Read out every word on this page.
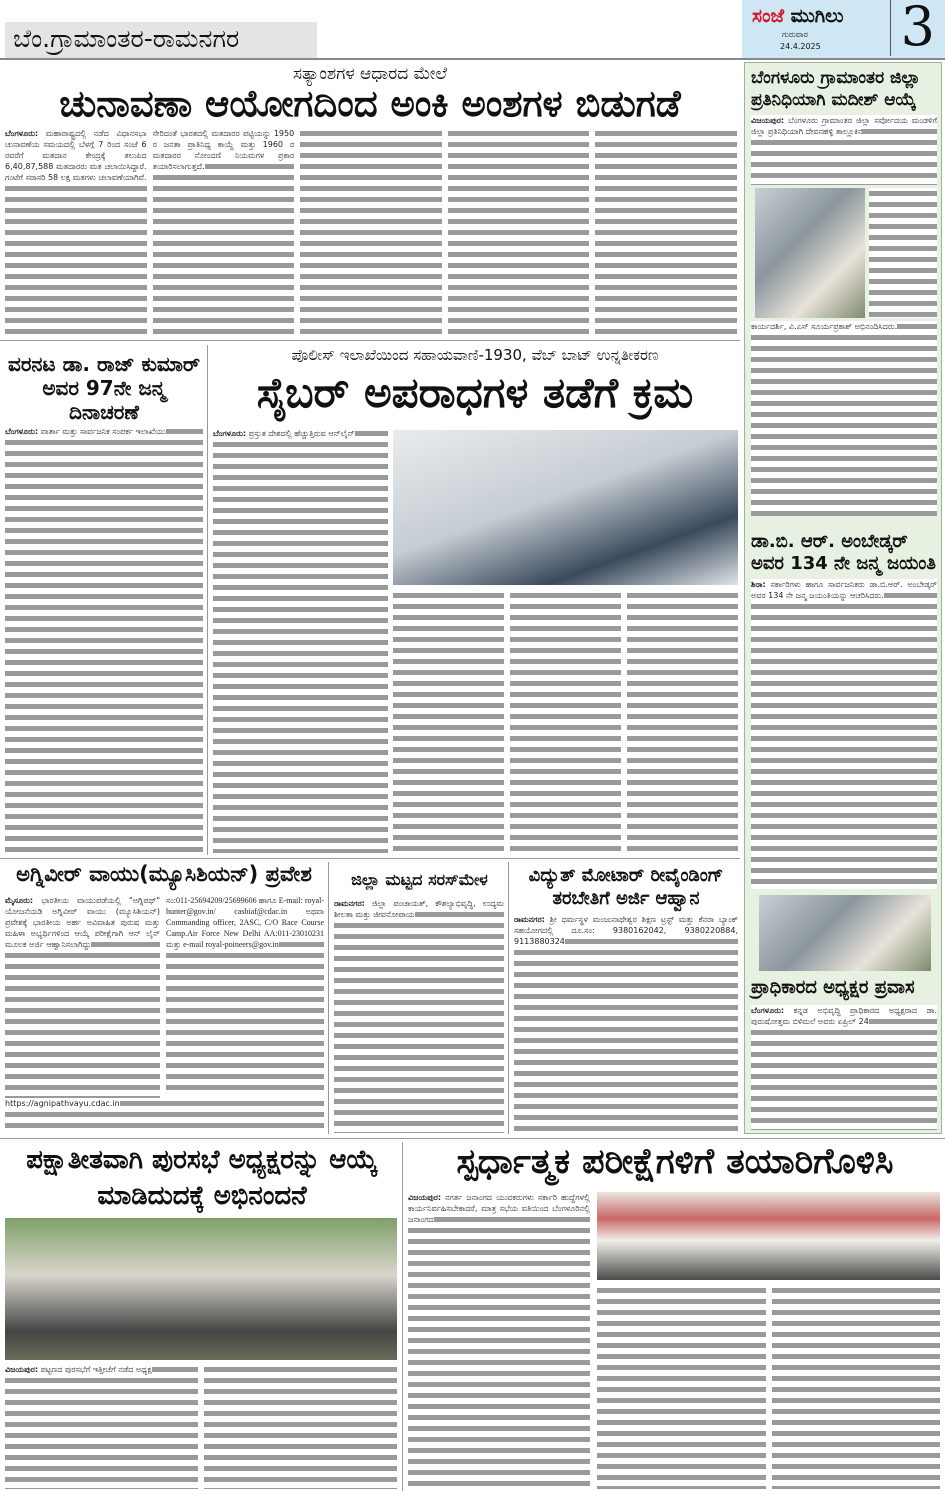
ಬೆಂ.ಗ್ರಾಮಾಂತರ-ರಾಮನಗರ
ಸಂಜೆ ಮುಗಿಲು
ಗುರುವಾರ
24.4.2025 3
ಸತ್ಯಾಂಶಗಳ ಆಧಾರದ ಮೇಲೆ
ಚುನಾವಣಾ ಆಯೋಗದಿಂದ ಅಂಕಿ ಅಂಶಗಳ ಬಿಡುಗಡೆ
ಬೆಂಗಳೂರು: ಮಹಾರಾಷ್ಟ್ರದಲ್ಲಿ ನಡೆದ ವಿಧಾನಸಭಾ ಚುನಾವಣೆಯ ಸಮಯದಲ್ಲಿ ಬೆಳಗ್ಗೆ 7 ರಿಂದ ಸಂಜೆ 6 ರವರೆಗೆ ಮತದಾನ ಕೇಂದ್ರಕ್ಕೆ ತಲುಪಿದ 6,40,87,588 ಮತದಾರರು ಮತ ಚಲಾಯಿಸಿದ್ದಾರೆ. ಗಂಟೆಗೆ ಸರಾಸರಿ 58 ಲಕ್ಷ ಮತಗಳು ಚಲಾವಣೆಯಾಗಿವೆ.
ಸೇರಿದಂತೆ ಭಾರತದಲ್ಲಿ ಮತದಾರರ ಪಟ್ಟಿಯನ್ನು 1950 ರ ಜನತಾ ಪ್ರಾತಿನಿಧ್ಯ ಕಾಯ್ದೆ ಮತ್ತು 1960 ರ ಮತದಾರರ ನೋಂದಣಿ ನಿಯಮಗಳ ಪ್ರಕಾರ ತಯಾರಿಸಲಾಗುತ್ತದೆ.
ಬೆಂಗಳೂರು ಗ್ರಾಮಾಂತರ ಜಿಲ್ಲಾ ಪ್ರತಿನಿಧಿಯಾಗಿ ಮದೀಶ್ ಆಯ್ಕೆ
ವಿಜಯಪುರ: ಬೆಂಗಳೂರು ಗ್ರಾಮಾಂತರ ಜಿಲ್ಲಾ ಸರ್ವೋದಯ ಮಂಡಳಿಗೆ ಜಿಲ್ಲಾ ಪ್ರತಿನಿಧಿಯಾಗಿ ದೇವನಹಳ್ಳಿ ತಾಲ್ಲೂಕಿನ
ಕಾರ್ಯದರ್ಶಿ, ವಿ.ಎಸ್ ಸೂರ್ಯಪ್ರಕಾಶ್ ಅಭಿನಂದಿಸಿದರು.
ಡಾ.ಬಿ. ಆರ್. ಅಂಬೇಡ್ಕರ್ ಅವರ 134 ನೇ ಜನ್ಮ ಜಯಂತಿ
ಶಿರಾ: ಸರ್ಕಾರಿಗಳು ಹಾಗೂ ಸಾರ್ವಜನಿಕರು ಡಾ.ಬಿ.ಆರ್. ಅಂಬೇಡ್ಕರ್ ಅವರ 134 ನೇ ಜನ್ಮ ಜಯಂತಿಯನ್ನು ಆಚರಿಸಿದರು.
ಪ್ರಾಧಿಕಾರದ ಅಧ್ಯಕ್ಷರ ಪ್ರವಾಸ
ಬೆಂಗಳೂರು: ಕನ್ನಡ ಅಭಿವೃದ್ಧಿ ಪ್ರಾಧಿಕಾರದ ಅಧ್ಯಕ್ಷರಾದ ಡಾ. ಪುರುಷೋತ್ತಮ ಬಿಳಿಮಲೆ ಅವರು ಏಪ್ರಿಲ್ 24
ವರನಟ ಡಾ. ರಾಜ್ ಕುಮಾರ್ ಅವರ 97ನೇ ಜನ್ಮ ದಿನಾಚರಣೆ
ಬೆಂಗಳೂರು: ವಾರ್ತಾ ಮತ್ತು ಸಾರ್ವಜನಿಕ ಸಂಪರ್ಕ ಇಲಾಖೆಯು
ಪೊಲೀಸ್ ಇಲಾಖೆಯಿಂದ ಸಹಾಯವಾಣಿ-1930, ವೆಬ್ ಬಾಟ್ ಉನ್ನತೀಕರಣ
ಸೈಬರ್ ಅಪರಾಧಗಳ ತಡೆಗೆ ಕ್ರಮ
ಬೆಂಗಳೂರು: ಪ್ರಸ್ತುತ ದೇಶದಲ್ಲಿ ಹೆಚ್ಚುತ್ತಿರುವ ಆನ್‌ಲೈನ್
ಅಗ್ನಿವೀರ್ ವಾಯು(ಮ್ಯೂಸಿಶಿಯನ್) ಪ್ರವೇಶ
ಮೈಸೂರು: ಭಾರತೀಯ ವಾಯುಪಡೆಯಲ್ಲಿ "ಅಗ್ನಿಪಥ್" ಯೋಜನೆಯಡಿ ಅಗ್ನಿವೀರ್ ವಾಯು (ಮ್ಯೂಸಿಶಿಯನ್) ಪ್ರವೇಶಕ್ಕೆ ಭಾರತೀಯ ಅರ್ಹ ಅವಿವಾಹಿತ ಪುರುಷ ಮತ್ತು ಮಹಿಳಾ ಅಭ್ಯರ್ಥಿಗಳಿಂದ ಆಯ್ಕೆ ಪರೀಕ್ಷೆಗಾಗಿ ಆನ್ ಲೈನ್ ಮೂಲಕ ಅರ್ಜಿ ಆಹ್ವಾನಿಸಲಾಗಿದ್ದು
ಸಂ:011-25694209/25699606 ಹಾಗೂ E-mail: royal-hunter@gov.in/ casbiaf@cdac.in ಅಥವಾ Commanding officer, 2ASC, C/O Race Course Camp.Air Force New Delhi AA:011-23010231 ಮತ್ತು e-mail royal-poineers@gov.in
https://agnipathvayu.cdac.in
ಜಿಲ್ಲಾ ಮಟ್ಟದ ಸರಸ್‌ಮೇಳ
ರಾಮನಗರ: ಜಿಲ್ಲಾ ಪಂಚಾಯತ್, ಕೌಶಲ್ಯಾಭಿವೃದ್ಧಿ, ಉದ್ಯಮ ಶೀಲತಾ ಮತ್ತು ಜೀವನೋಪಾಯ
ವಿದ್ಯುತ್ ಮೋಟಾರ್ ರೀವೈಂಡಿಂಗ್ ತರಬೇತಿಗೆ ಅರ್ಜಿ ಆಹ್ವಾನ
ರಾಮನಗರ: ಶ್ರೀ ಧರ್ಮಸ್ಥಳ ಮಂಜುನಾಥೇಶ್ವರ ಶಿಕ್ಷಣ ಟ್ರಸ್ಟ್ ಮತ್ತು ಕೆನರಾ ಬ್ಯಾಂಕ್ ಸಹಯೋಗದಲ್ಲಿ ದೂ.ಸಂ: 9380162042, 9380220884, 9113880324
ಪಕ್ಷಾತೀತವಾಗಿ ಪುರಸಭೆ ಅಧ್ಯಕ್ಷರನ್ನು ಆಯ್ಕೆ ಮಾಡಿದುದಕ್ಕೆ ಅಭಿನಂದನೆ
ವಿಜಯಪುರ: ಪಟ್ಟಣದ ಪುರಸಭೆಗೆ ಇತ್ತೀಚೆಗೆ ನಡೆದ ಅಧ್ಯಕ್ಷ
ಸ್ಪರ್ಧಾತ್ಮಕ ಪರೀಕ್ಷೆಗಳಿಗೆ ತಯಾರಿಗೊಳಿಸಿ
ವಿಜಯಪುರ: ನಗರ್ತ ಜನಾಂಗದ ಯುವಕರುಗಳು ಸರ್ಕಾರಿ ಹುದ್ದೆಗಳಲ್ಲಿ ಕಾರ್ಯನಿರ್ವಹಿಸಬೇಕಾದರೆ, ಮಾತ್ರ ಸಭೆಯ ವತಿಯಿಂದ ಬೆಂಗಳೂರಿನಲ್ಲಿ ಜನಾಂಗದ
